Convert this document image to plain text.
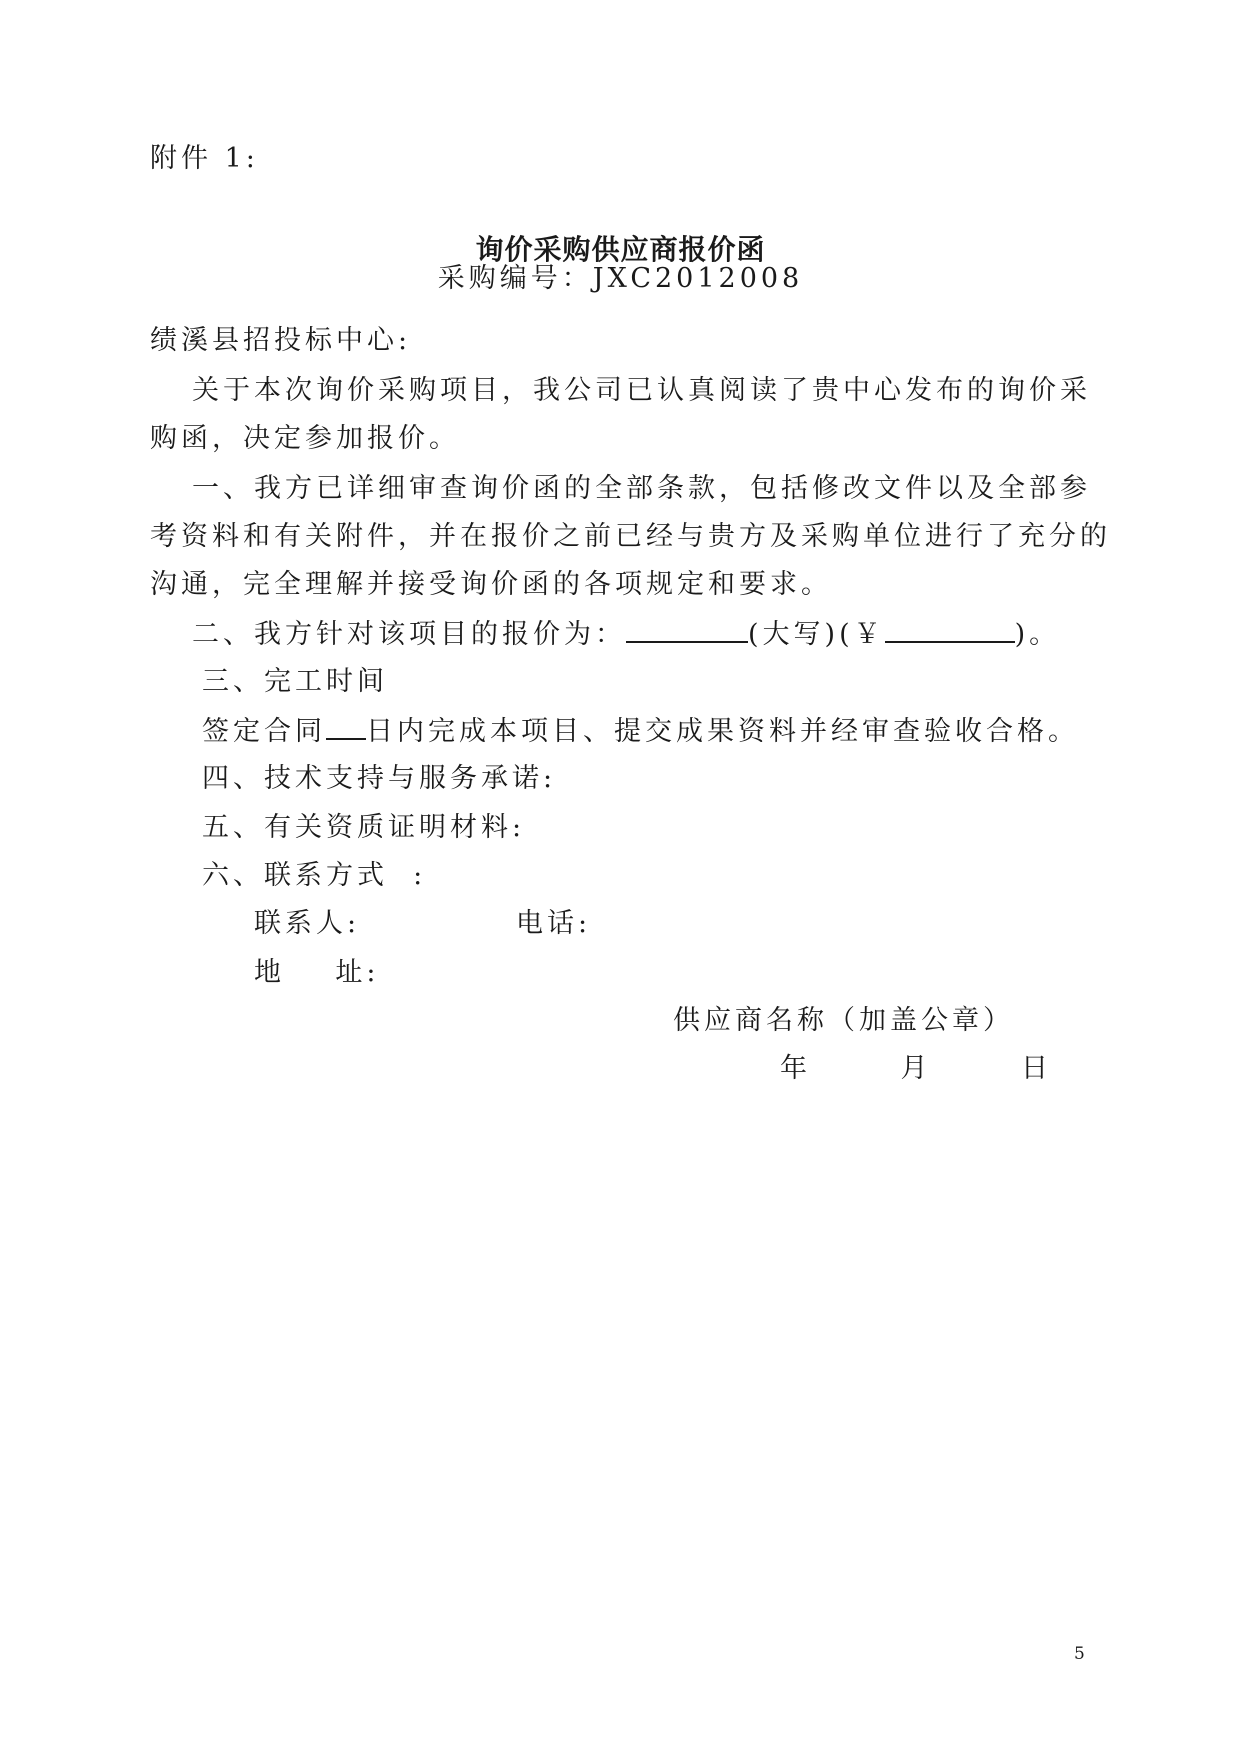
附件 1:
询价采购供应商报价函
采购编号：JXC2012008
绩溪县招投标中心:
关于本次询价采购项目，我公司已认真阅读了贵中心发布的询价采
购函，决定参加报价。
一、我方已详细审查询价函的全部条款，包括修改文件以及全部参
考资料和有关附件，并在报价之前已经与贵方及采购单位进行了充分的
沟通，完全理解并接受询价函的各项规定和要求。
二、我方针对该项目的报价为：	(大写)(￥	)。
三、完工时间
签定合同 日内完成本项目、提交成果资料并经审查验收合格。
四、技术支持与服务承诺:
五、有关资质证明材料:
六、联系方式  :
联系人:	电话:
地    址:
供应商名称（加盖公章）
年      月      日
5
